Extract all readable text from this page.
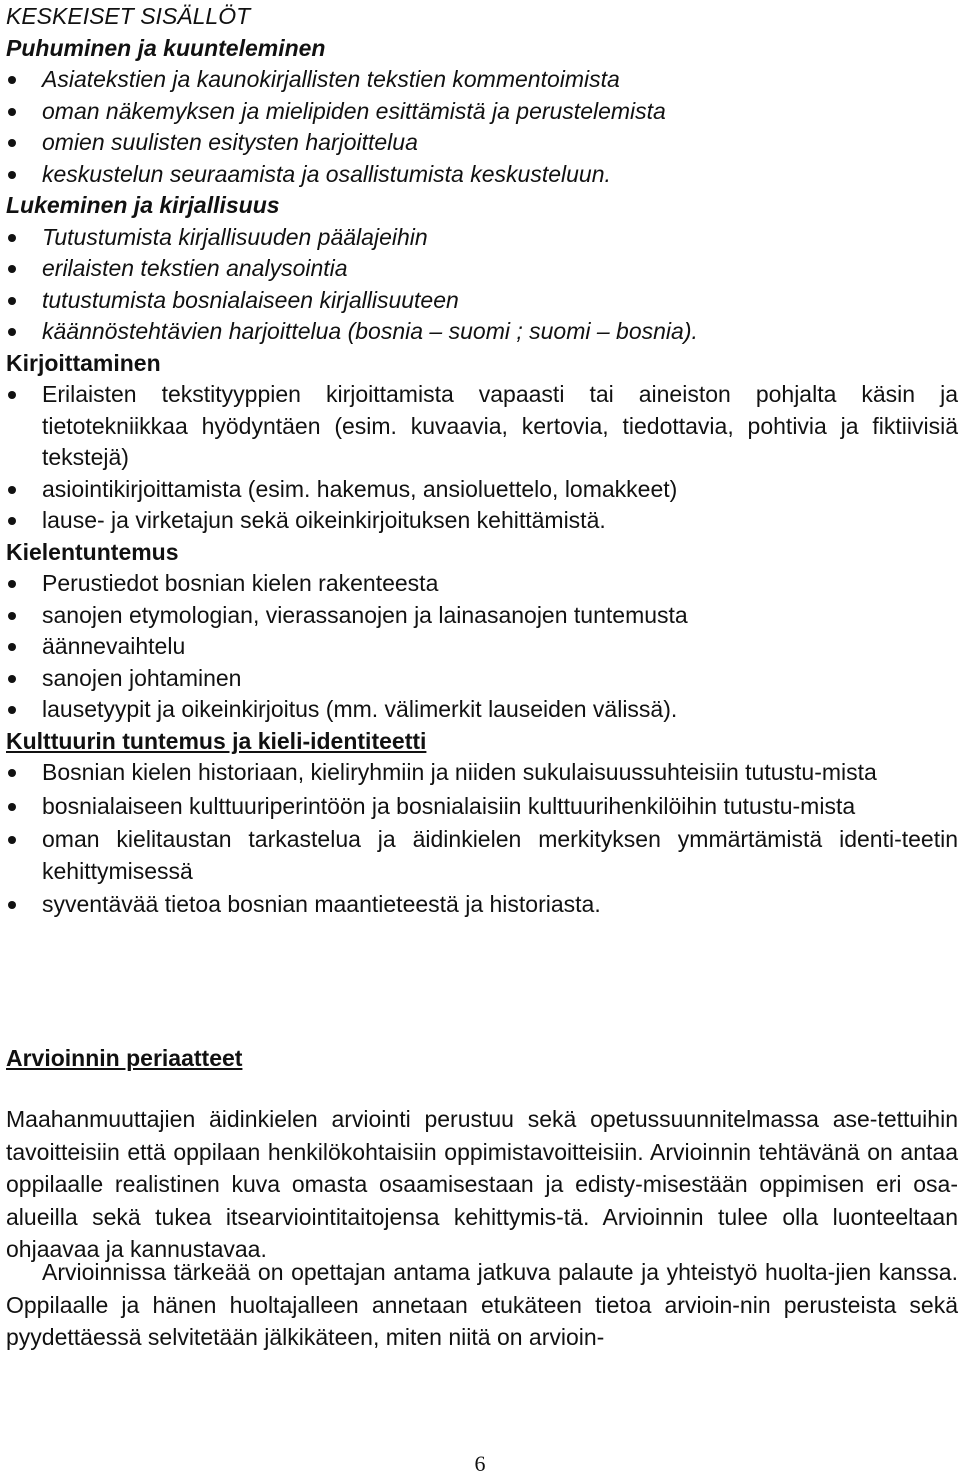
KESKEISET SISÄLLÖT

Puhuminen ja kuunteleminen

Asiatekstien ja kaunokirjallisten tekstien kommentoimista
oman näkemyksen ja mielipiden esittämistä ja perustelemista
omien suulisten esitysten harjoittelua
keskustelun seuraamista ja osallistumista keskusteluun.

Lukeminen ja kirjallisuus

Tutustumista kirjallisuuden päälajeihin
erilaisten tekstien analysointia
tutustumista bosnialaiseen kirjallisuuteen
käännöstehtävien harjoittelua (bosnia – suomi ; suomi – bosnia).

Kirjoittaminen

Erilaisten tekstityyppien kirjoittamista vapaasti tai aineiston pohjalta käsin ja tietotekniikkaa hyödyntäen (esim. kuvaavia, kertovia, tiedottavia, pohtivia ja fiktiivisiä tekstejä)
asiointikirjoittamista (esim. hakemus, ansioluettelo, lomakkeet)
lause- ja virketajun sekä oikeinkirjoituksen kehittämistä.

Kielentuntemus

Perustiedot bosnian kielen rakenteesta
sanojen etymologian, vierassanojen ja lainasanojen tuntemusta
äännevaihtelu
sanojen johtaminen
lausetyypit ja oikeinkirjoitus (mm. välimerkit lauseiden välissä).

Kulttuurin tuntemus ja kieli-identiteetti

Bosnian kielen historiaan, kieliryhmiin ja niiden sukulaisuussuhteisiin tutustu-mista
bosnialaiseen kulttuuriperintöön ja bosnialaisiin kulttuurihenkilöihin tutustu-mista
oman kielitaustan tarkastelua ja äidinkielen merkityksen ymmärtämistä identi-teetin kehittymisessä
syventävää tietoa bosnian maantieteestä ja historiasta.

Arvioinnin periaatteet

Maahanmuuttajien äidinkielen arviointi perustuu sekä opetussuunnitelmassa ase-tettuihin tavoitteisiin että oppilaan henkilökohtaisiin oppimistavoitteisiin. Arvioinnin tehtävänä on antaa oppilaalle realistinen kuva omasta osaamisestaan ja edisty-misestään oppimisen eri osa-alueilla sekä tukea itsearviointitaitojensa kehittymis-tä. Arvioinnin tulee olla luonteeltaan ohjaavaa ja kannustavaa.

Arvioinnissa tärkeää on opettajan antama jatkuva palaute ja yhteistyö huolta-jien kanssa. Oppilaalle ja hänen huoltajalleen annetaan etukäteen tietoa arvioin-nin perusteista sekä pyydettäessä selvitetään jälkikäteen, miten niitä on arvioin-

6
